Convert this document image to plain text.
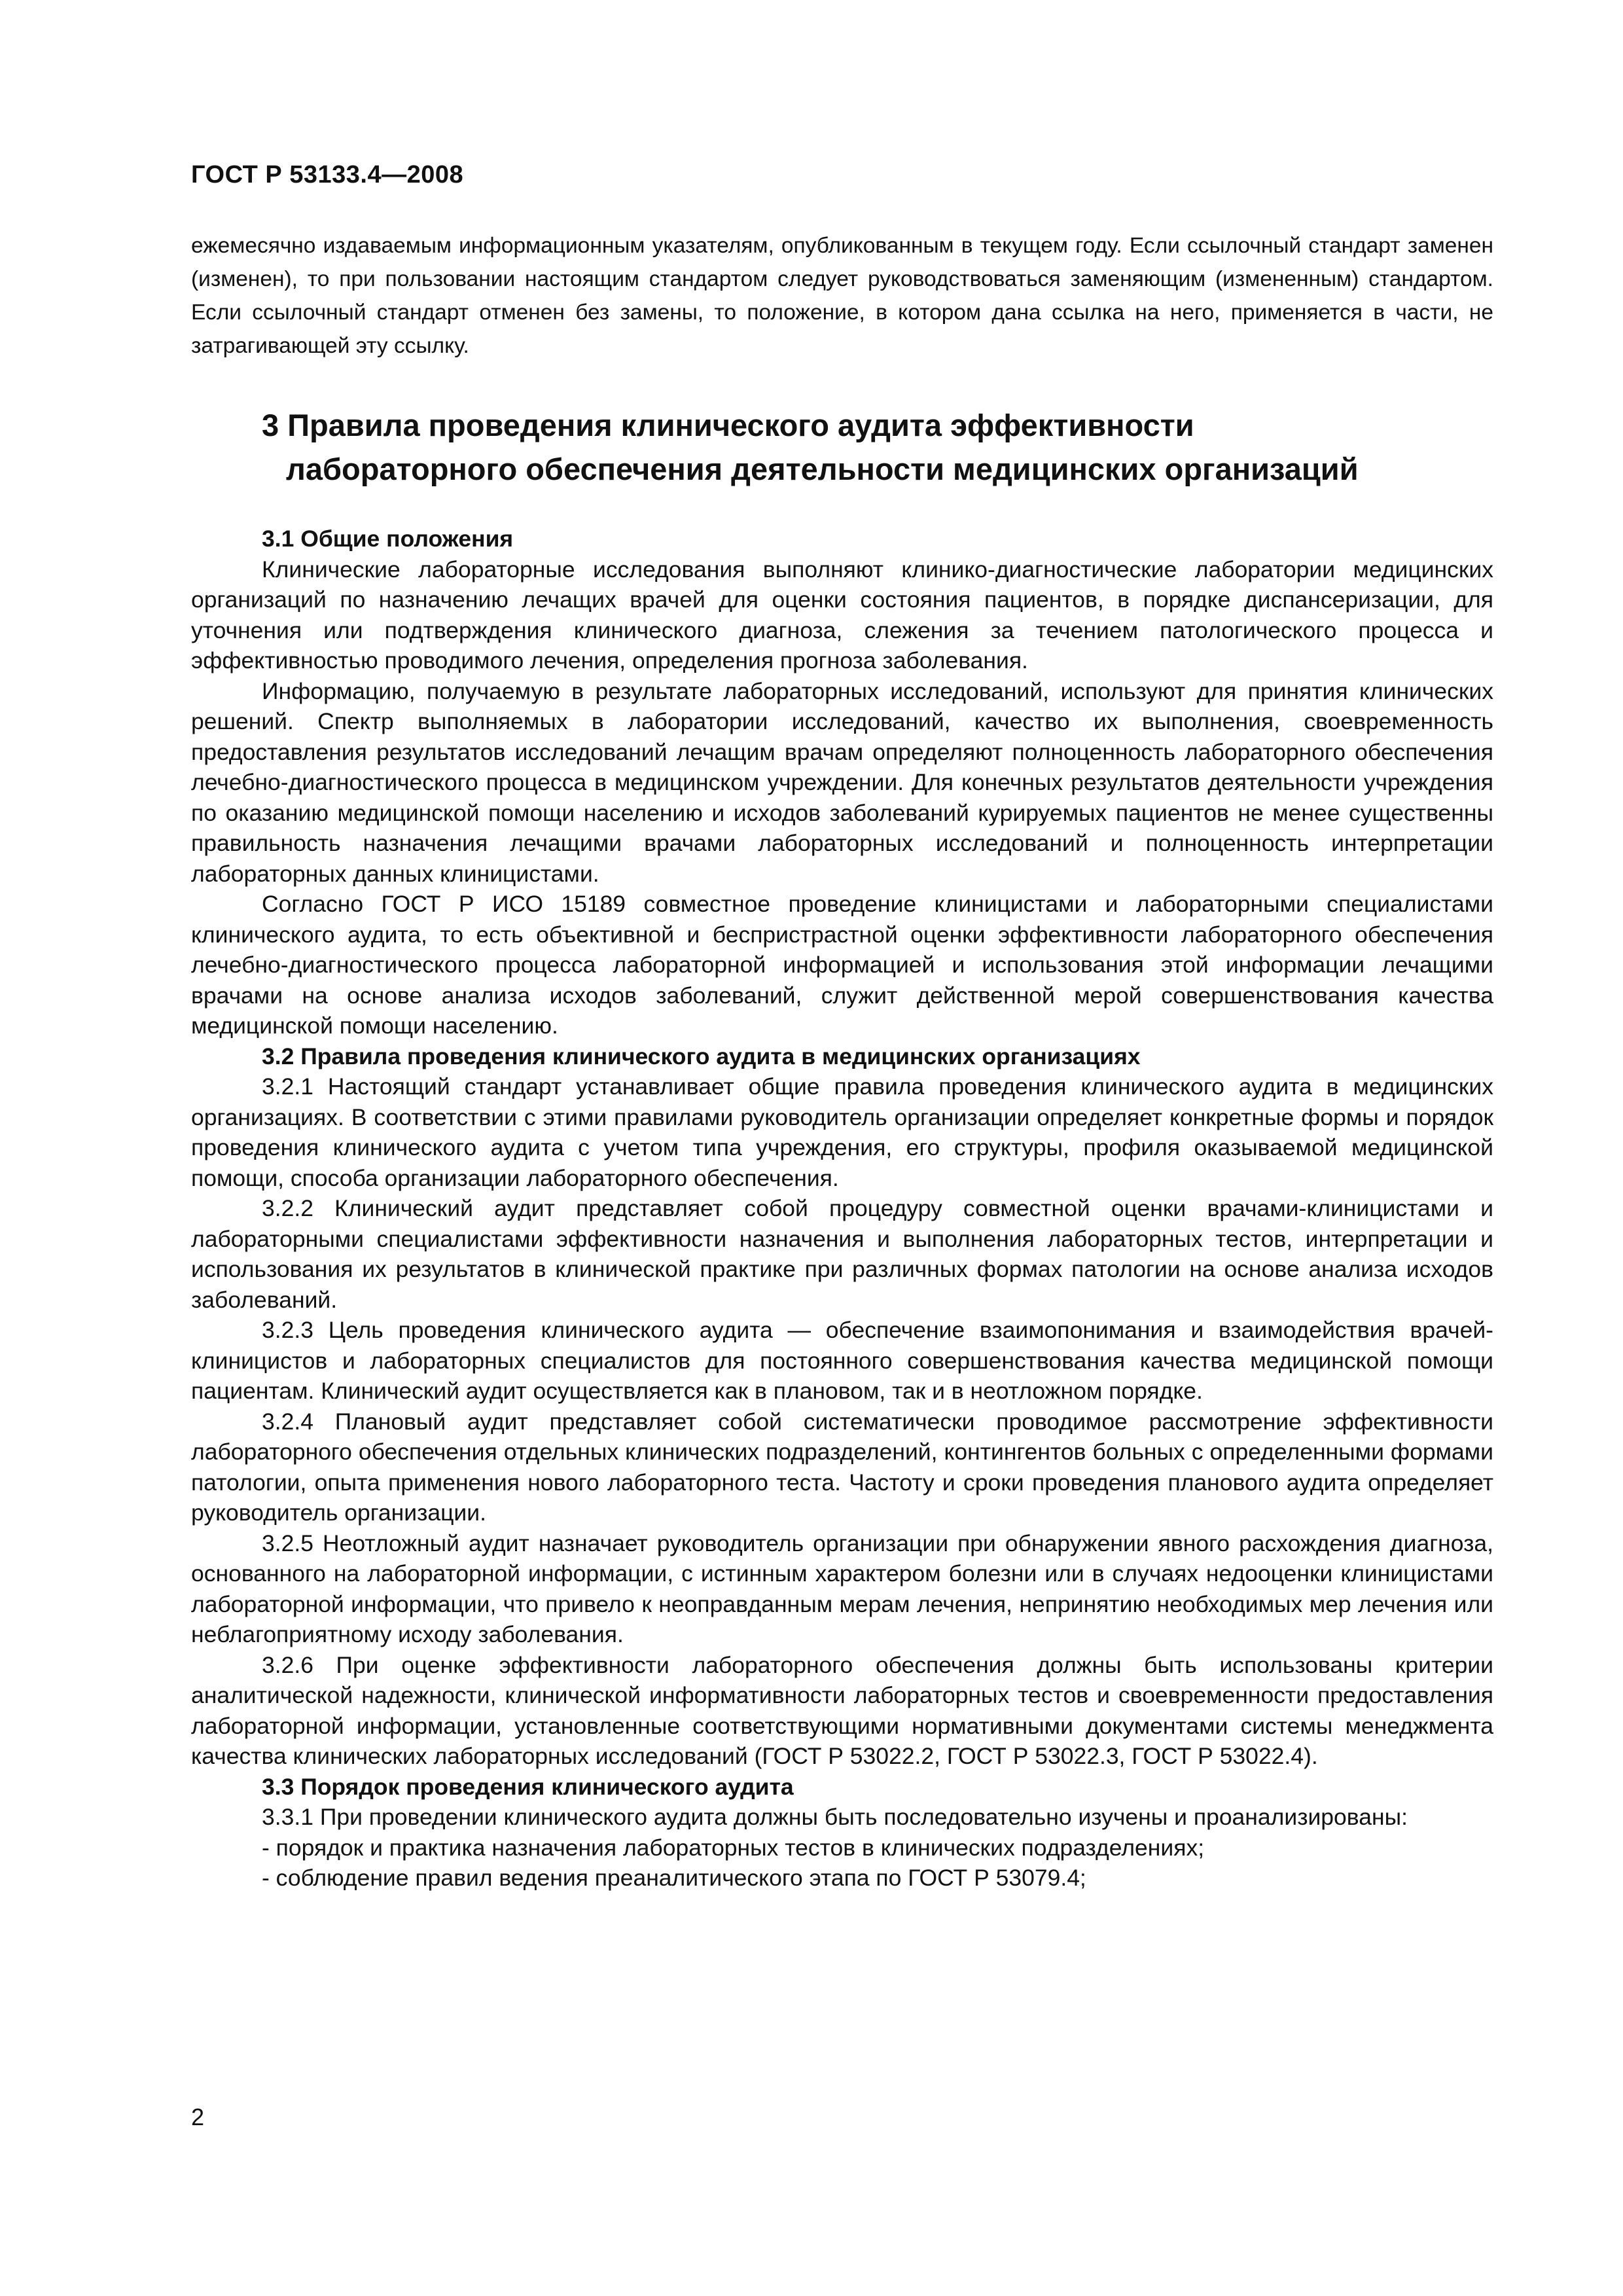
ГОСТ Р 53133.4—2008

ежемесячно издаваемым информационным указателям, опубликованным в текущем году. Если ссылочный стандарт заменен (изменен), то при пользовании настоящим стандартом следует руководствоваться заменяющим (измененным) стандартом. Если ссылочный стандарт отменен без замены, то положение, в котором дана ссылка на него, применяется в части, не затрагивающей эту ссылку.

3 Правила проведения клинического аудита эффективности
лабораторного обеспечения деятельности медицинских организаций

3.1 Общие положения

Клинические лабораторные исследования выполняют клинико-диагностические лаборатории медицинских организаций по назначению лечащих врачей для оценки состояния пациентов, в порядке диспансеризации, для уточнения или подтверждения клинического диагноза, слежения за течением патологического процесса и эффективностью проводимого лечения, определения прогноза заболевания.

Информацию, получаемую в результате лабораторных исследований, используют для принятия клинических решений. Спектр выполняемых в лаборатории исследований, качество их выполнения, своевременность предоставления результатов исследований лечащим врачам определяют полноценность лабораторного обеспечения лечебно-диагностического процесса в медицинском учреждении. Для конечных результатов деятельности учреждения по оказанию медицинской помощи населению и исходов заболеваний курируемых пациентов не менее существенны правильность назначения лечащими врачами лабораторных исследований и полноценность интерпретации лабораторных данных клиницистами.

Согласно ГОСТ Р ИСО 15189 совместное проведение клиницистами и лабораторными специалистами клинического аудита, то есть объективной и беспристрастной оценки эффективности лабораторного обеспечения лечебно-диагностического процесса лабораторной информацией и использования этой информации лечащими врачами на основе анализа исходов заболеваний, служит действенной мерой совершенствования качества медицинской помощи населению.

3.2 Правила проведения клинического аудита в медицинских организациях

3.2.1 Настоящий стандарт устанавливает общие правила проведения клинического аудита в медицинских организациях. В соответствии с этими правилами руководитель организации определяет конкретные формы и порядок проведения клинического аудита с учетом типа учреждения, его структуры, профиля оказываемой медицинской помощи, способа организации лабораторного обеспечения.

3.2.2 Клинический аудит представляет собой процедуру совместной оценки врачами-клиницистами и лабораторными специалистами эффективности назначения и выполнения лабораторных тестов, интерпретации и использования их результатов в клинической практике при различных формах патологии на основе анализа исходов заболеваний.

3.2.3 Цель проведения клинического аудита — обеспечение взаимопонимания и взаимодействия врачей-клиницистов и лабораторных специалистов для постоянного совершенствования качества медицинской помощи пациентам. Клинический аудит осуществляется как в плановом, так и в неотложном порядке.

3.2.4 Плановый аудит представляет собой систематически проводимое рассмотрение эффективности лабораторного обеспечения отдельных клинических подразделений, контингентов больных с определенными формами патологии, опыта применения нового лабораторного теста. Частоту и сроки проведения планового аудита определяет руководитель организации.

3.2.5 Неотложный аудит назначает руководитель организации при обнаружении явного расхождения диагноза, основанного на лабораторной информации, с истинным характером болезни или в случаях недооценки клиницистами лабораторной информации, что привело к неоправданным мерам лечения, непринятию необходимых мер лечения или неблагоприятному исходу заболевания.

3.2.6 При оценке эффективности лабораторного обеспечения должны быть использованы критерии аналитической надежности, клинической информативности лабораторных тестов и своевременности предоставления лабораторной информации, установленные соответствующими нормативными документами системы менеджмента качества клинических лабораторных исследований (ГОСТ Р 53022.2, ГОСТ Р 53022.3, ГОСТ Р 53022.4).

3.3 Порядок проведения клинического аудита

3.3.1 При проведении клинического аудита должны быть последовательно изучены и проанализированы:

- порядок и практика назначения лабораторных тестов в клинических подразделениях;

- соблюдение правил ведения преаналитического этапа по ГОСТ Р 53079.4;

2
